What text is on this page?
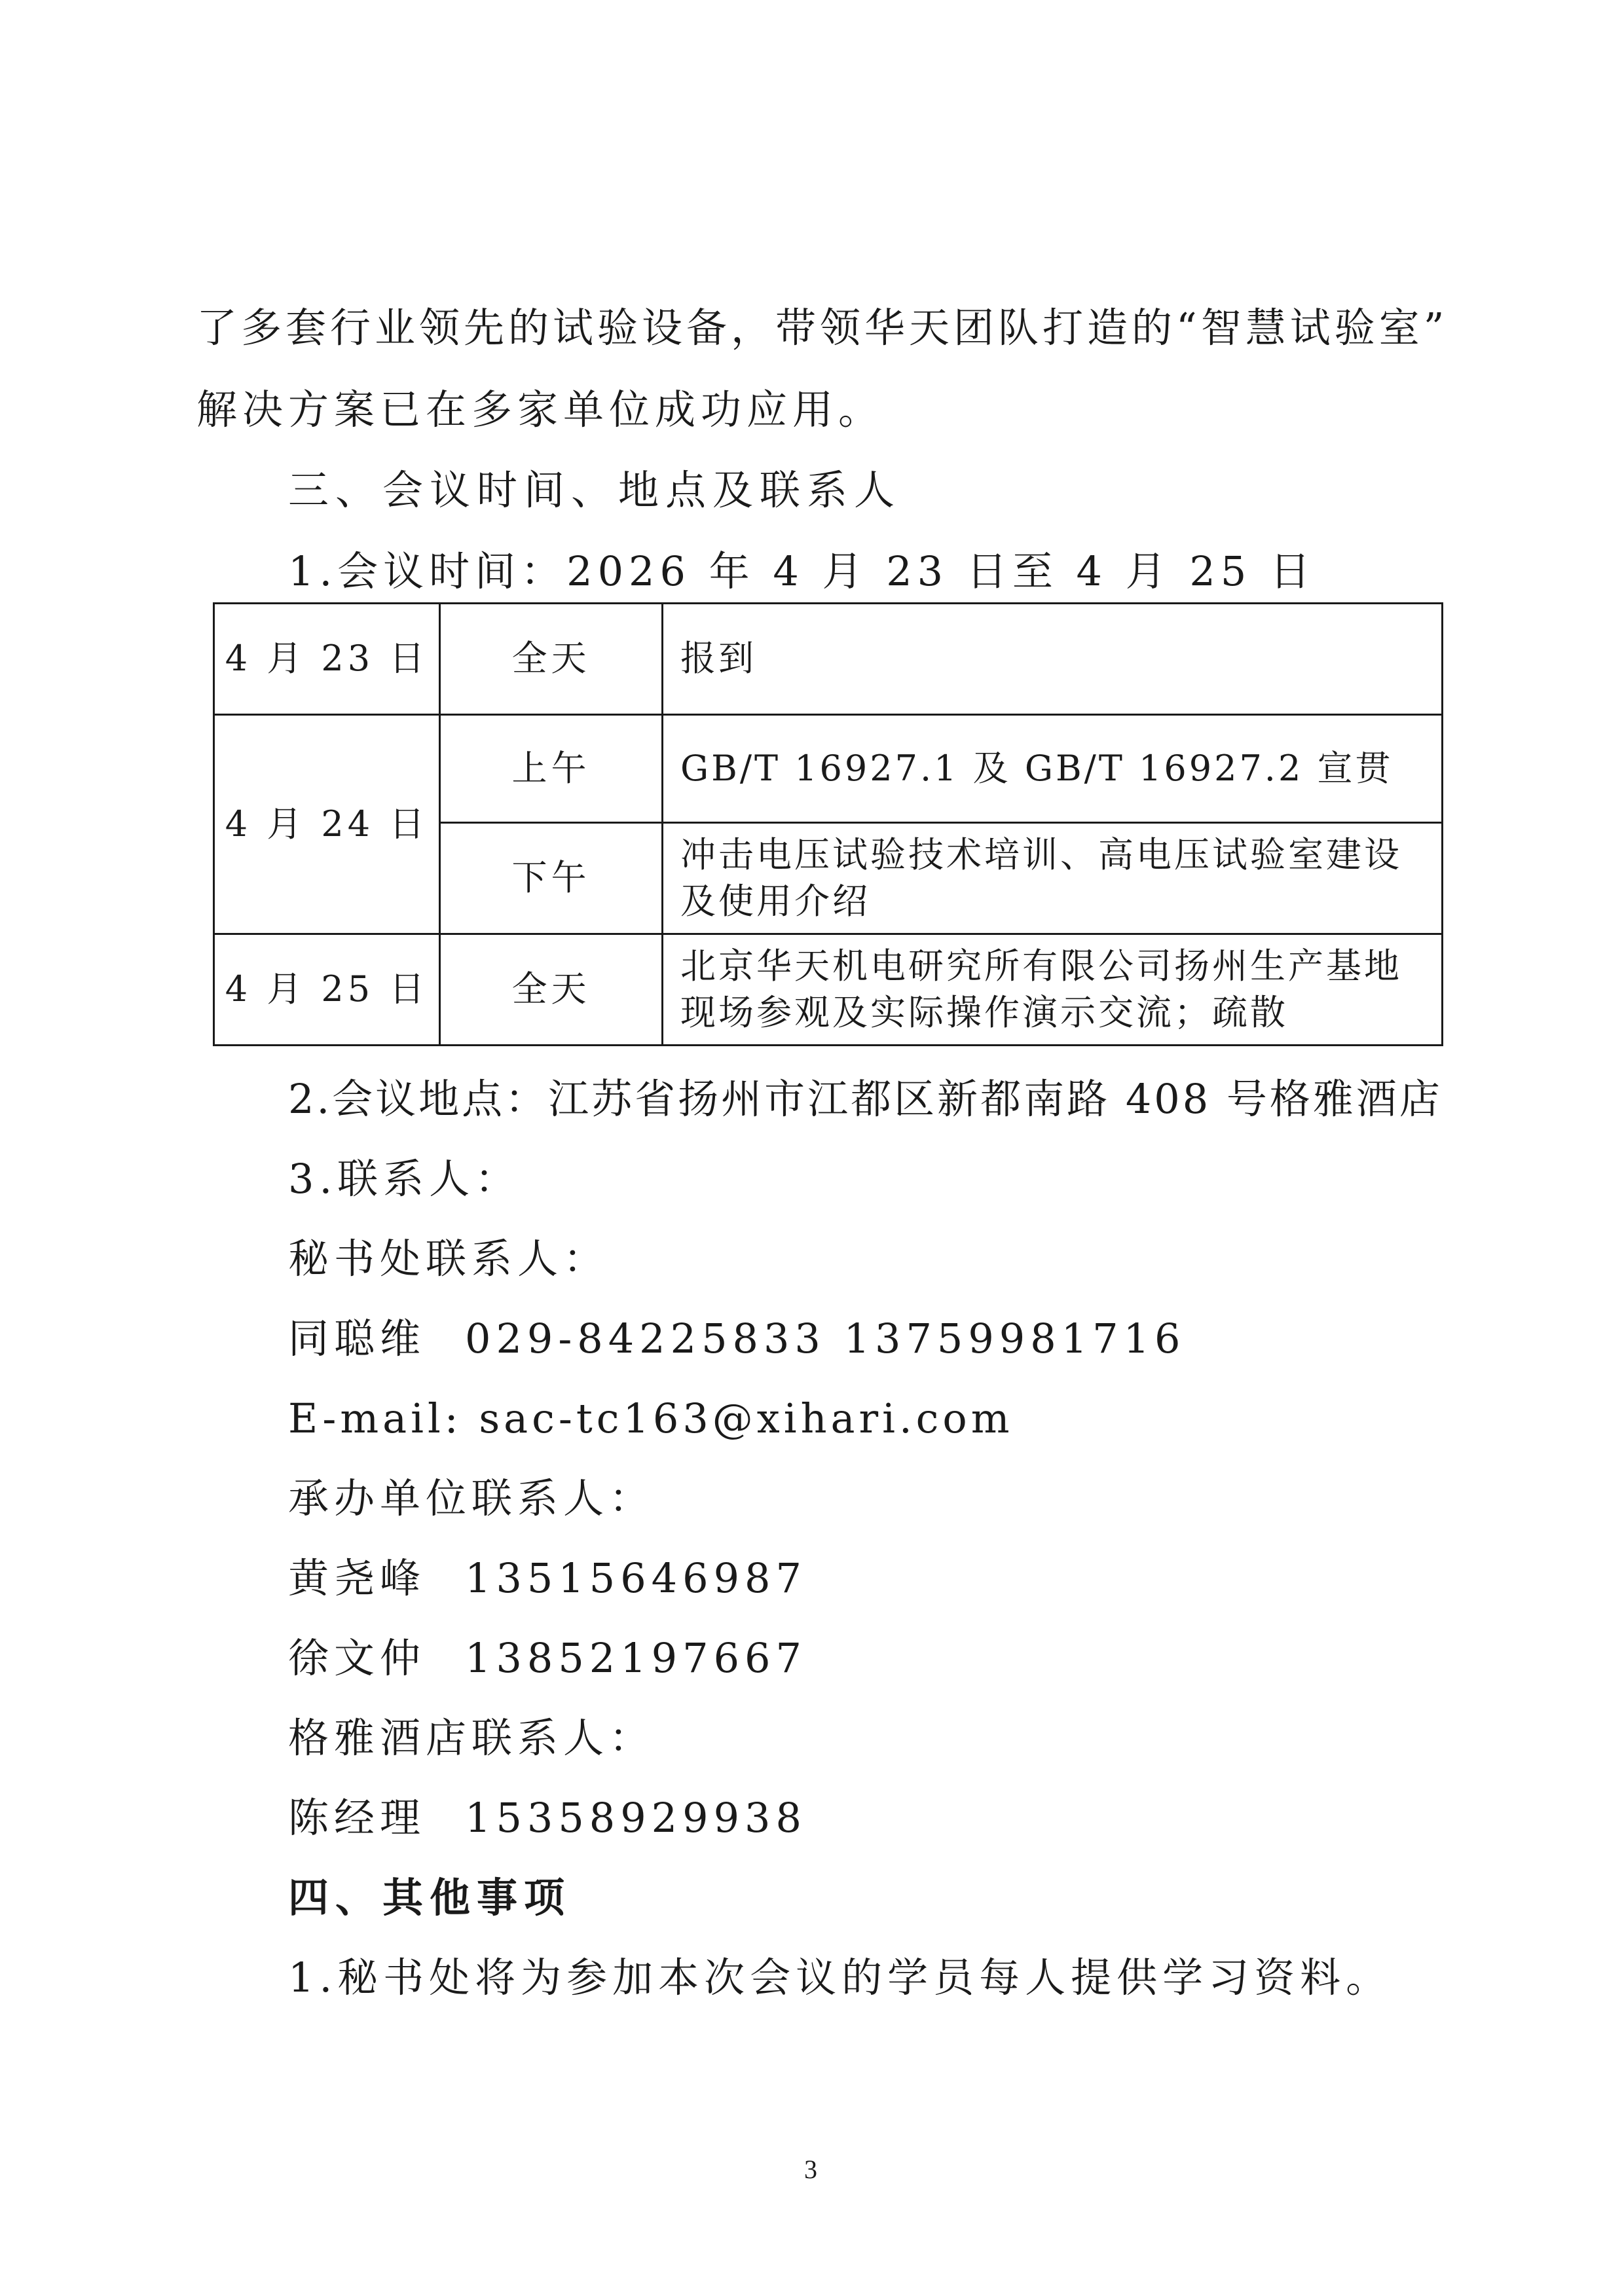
了多套行业领先的试验设备，带领华天团队打造的“智慧试验室”
解决方案已在多家单位成功应用。
三、会议时间、地点及联系人
1.会议时间：2026 年 4 月 23 日至 4 月 25 日
4 月 23 日	全天	报到
4 月 24 日	上午	GB/T 16927.1 及 GB/T 16927.2 宣贯
	下午	冲击电压试验技术培训、高电压试验室建设
及使用介绍

4 月 25 日	全天	北京华天机电研究所有限公司扬州生产基地
现场参观及实际操作演示交流；疏散
2.会议地点：江苏省扬州市江都区新都南路 408 号格雅酒店
3.联系人：
秘书处联系人：
同聪维 029-84225833 13759981716
E-mail: sac-tc163@xihari.com
承办单位联系人：
黄尧峰 13515646987
徐文仲 13852197667
格雅酒店联系人：
陈经理 15358929938
四、其他事项
1.秘书处将为参加本次会议的学员每人提供学习资料。
3
